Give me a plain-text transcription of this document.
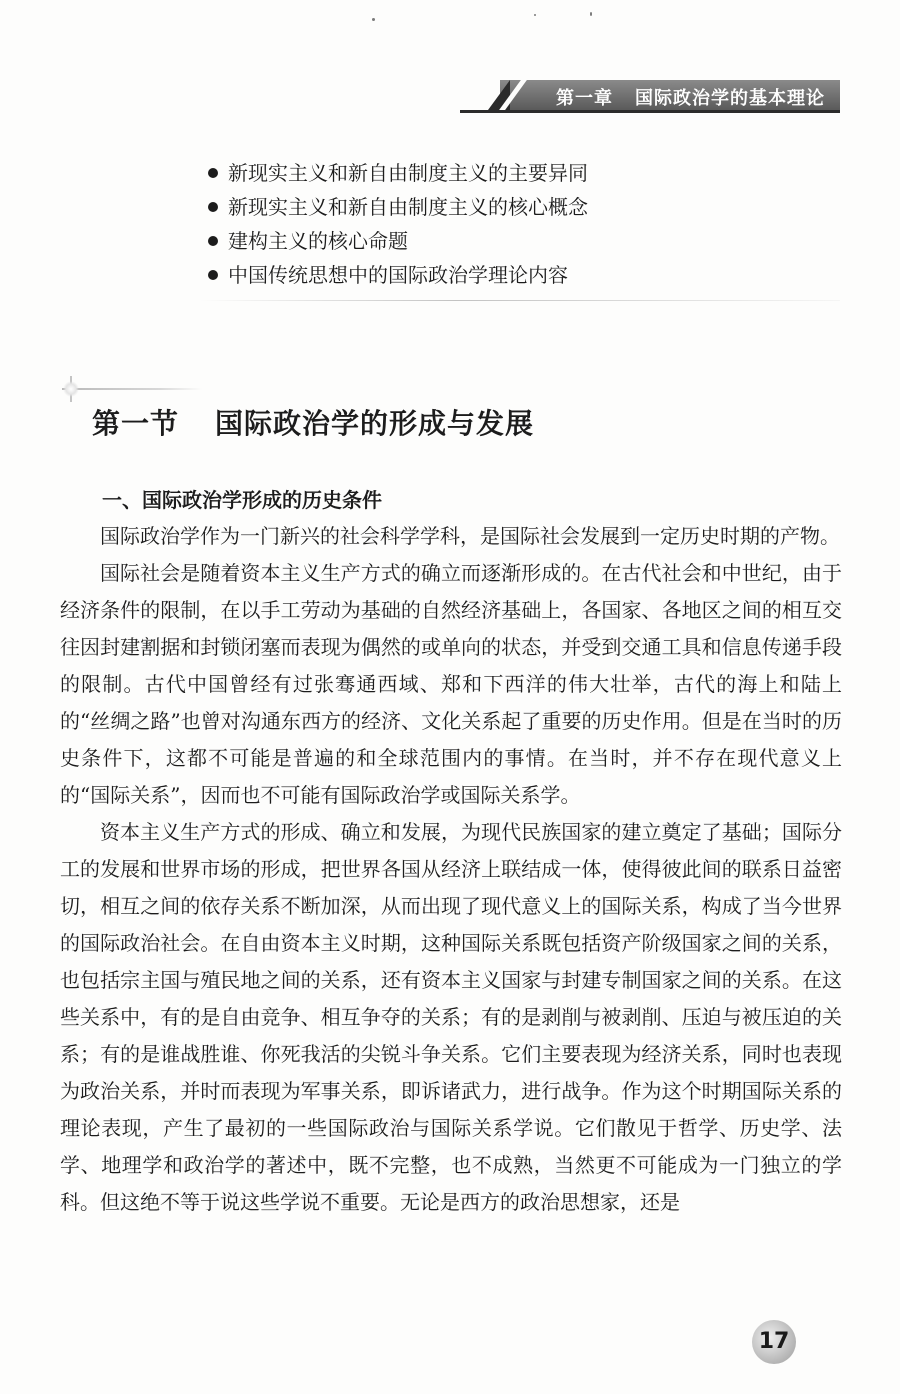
第一章 国际政治学的基本理论
新现实主义和新自由制度主义的主要异同
新现实主义和新自由制度主义的核心概念
建构主义的核心命题
中国传统思想中的国际政治学理论内容
第一节 国际政治学的形成与发展
一、国际政治学形成的历史条件

国际政治学作为一门新兴的社会科学学科，是国际社会发展到一定历史时期的产物。

国际社会是随着资本主义生产方式的确立而逐渐形成的。在古代社会和中世纪，由于经济条件的限制，在以手工劳动为基础的自然经济基础上，各国家、各地区之间的相互交往因封建割据和封锁闭塞而表现为偶然的或单向的状态，并受到交通工具和信息传递手段的限制。古代中国曾经有过张骞通西域、郑和下西洋的伟大壮举，古代的海上和陆上的“丝绸之路”也曾对沟通东西方的经济、文化关系起了重要的历史作用。但是在当时的历史条件下，这都不可能是普遍的和全球范围内的事情。在当时，并不存在现代意义上的“国际关系”，因而也不可能有国际政治学或国际关系学。

资本主义生产方式的形成、确立和发展，为现代民族国家的建立奠定了基础；国际分工的发展和世界市场的形成，把世界各国从经济上联结成一体，使得彼此间的联系日益密切，相互之间的依存关系不断加深，从而出现了现代意义上的国际关系，构成了当今世界的国际政治社会。在自由资本主义时期，这种国际关系既包括资产阶级国家之间的关系，也包括宗主国与殖民地之间的关系，还有资本主义国家与封建专制国家之间的关系。在这些关系中，有的是自由竞争、相互争夺的关系；有的是剥削与被剥削、压迫与被压迫的关系；有的是谁战胜谁、你死我活的尖锐斗争关系。它们主要表现为经济关系，同时也表现为政治关系，并时而表现为军事关系，即诉诸武力，进行战争。作为这个时期国际关系的理论表现，产生了最初的一些国际政治与国际关系学说。它们散见于哲学、历史学、法学、地理学和政治学的著述中，既不完整，也不成熟，当然更不可能成为一门独立的学科。但这绝不等于说这些学说不重要。无论是西方的政治思想家，还是

17
